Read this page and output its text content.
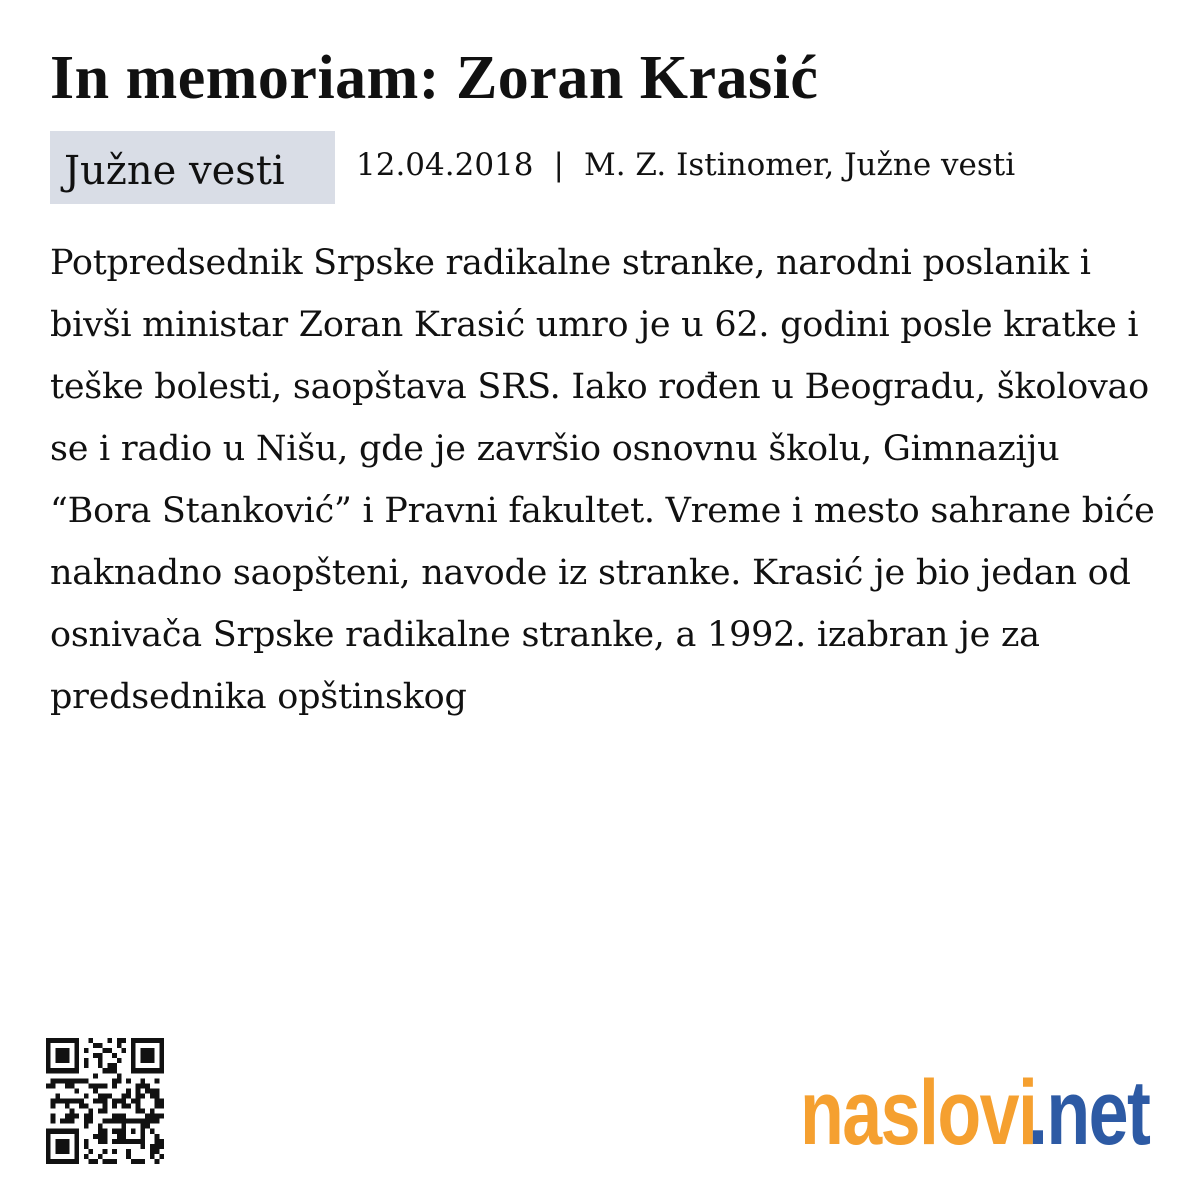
In memoriam: Zoran Krasić
Južne vesti	12.04.2018 | M. Z. Istinomer, Južne vesti

Potpredsednik Srpske radikalne stranke, narodni poslanik i bivši ministar Zoran Krasić umro je u 62. godini posle kratke i teške bolesti, saopštava SRS. Iako rođen u Beogradu, školovao se i radio u Nišu, gde je završio osnovnu školu, Gimnaziju “Bora Stanković” i Pravni fakultet. Vreme i mesto sahrane biće naknadno saopšteni, navode iz stranke. Krasić je bio jedan od osnivača Srpske radikalne stranke, a 1992. izabran je za predsednika opštinskog

naslovi
.net
